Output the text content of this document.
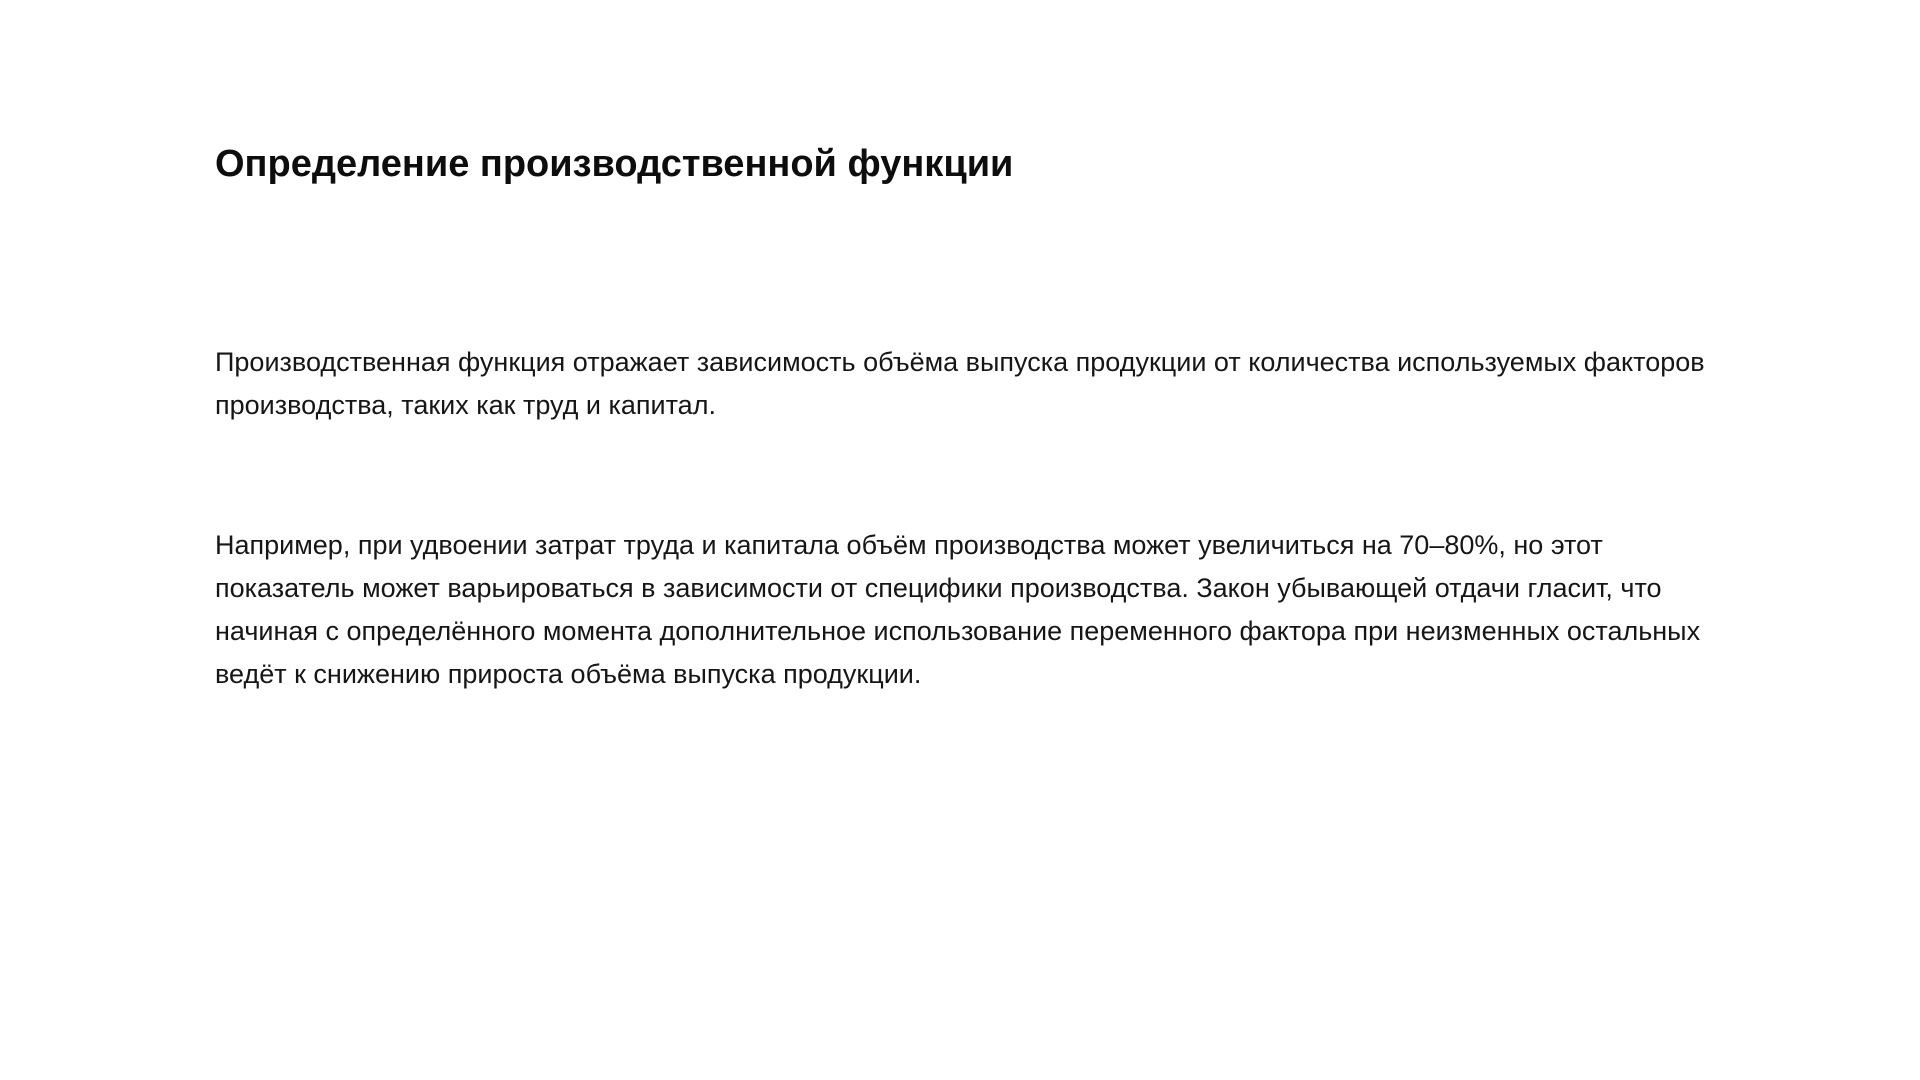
Определение производственной функции

Производственная функция отражает зависимость объёма выпуска продукции от количества используемых факторов производства, таких как труд и капитал.

Например, при удвоении затрат труда и капитала объём производства может увеличиться на 70–80%, но этот показатель может варьироваться в зависимости от специфики производства. Закон убывающей отдачи гласит, что начиная с определённого момента дополнительное использование переменного фактора при неизменных остальных ведёт к снижению прироста объёма выпуска продукции.
